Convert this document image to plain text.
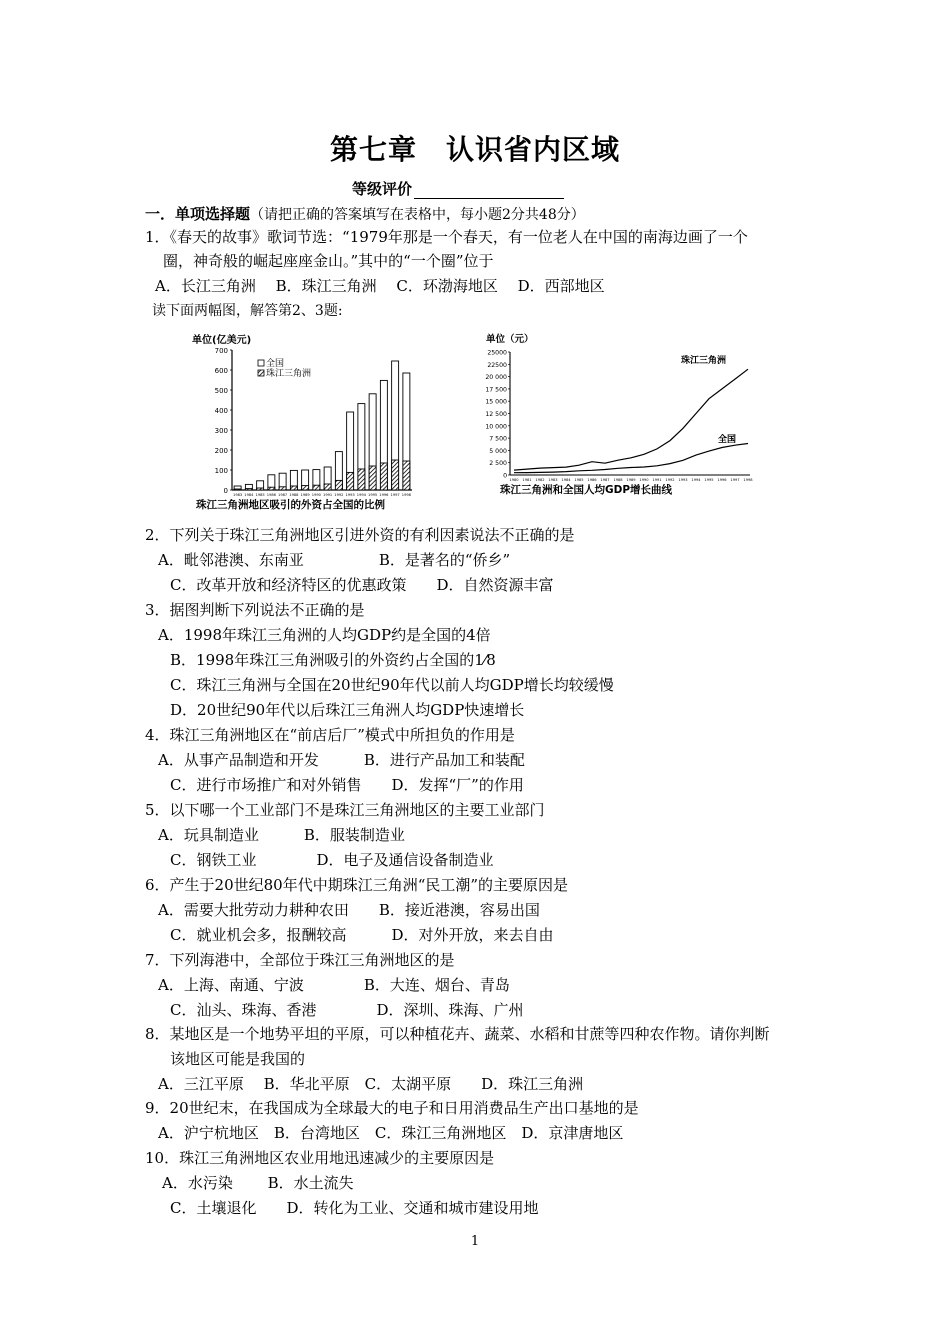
第七章　认识省内区域
等级评价
一．单项选择题（请把正确的答案填写在表格中，每小题2分共48分）
1．《春天的故事》歌词节选：“1979年那是一个春天，有一位老人在中国的南海边画了一个
圈，神奇般的崛起座座金山。”其中的“一个圈”位于
A．长江三角洲　 B．珠江三角洲　 C．环渤海地区　 D．西部地区
读下面两幅图，解答第2、3题:
单位(亿美元)
700
600
500
400
300
200
100
0
全国
珠江三角洲
1983 1984 1985 1986 1987 1988 1989 1990 1991 1992 1993 1994 1995 1996 1997 1998
珠江三角洲地区吸引的外资占全国的比例
单位（元）
25000
22500
20 000
17 500
15 000
12 500
10 000
7 500
5 000
2 500
0
珠江三角洲
全国
1980 1981 1982 1983 1984 1985 1986 1987 1988 1989 1990 1991 1992 1993 1994 1995 1996 1997 1998
珠江三角洲和全国人均GDP增长曲线
2．下列关于珠江三角洲地区引进外资的有利因素说法不正确的是
A．毗邻港澳、东南亚　　　　　B．是著名的“侨乡”
C．改革开放和经济特区的优惠政策　　D．自然资源丰富
3．据图判断下列说法不正确的是
A．1998年珠江三角洲的人均GDP约是全国的4倍
B．1998年珠江三角洲吸引的外资约占全国的1⁄8
C．珠江三角洲与全国在20世纪90年代以前人均GDP增长均较缓慢
D．20世纪90年代以后珠江三角洲人均GDP快速增长
4．珠江三角洲地区在“前店后厂”模式中所担负的作用是
A．从事产品制造和开发　　　B．进行产品加工和装配
C．进行市场推广和对外销售　　D．发挥“厂”的作用
5．以下哪一个工业部门不是珠江三角洲地区的主要工业部门
A．玩具制造业　　　B．服装制造业
C．钢铁工业　　　　D．电子及通信设备制造业
6．产生于20世纪80年代中期珠江三角洲“民工潮”的主要原因是
A．需要大批劳动力耕种农田　　B．接近港澳，容易出国
C．就业机会多，报酬较高　　　D．对外开放，来去自由
7．下列海港中，全部位于珠江三角洲地区的是
A．上海、南通、宁波　　　　B．大连、烟台、青岛
C．汕头、珠海、香港　　　　D．深圳、珠海、广州
8．某地区是一个地势平坦的平原，可以种植花卉、蔬菜、水稻和甘蔗等四种农作物。请你判断
该地区可能是我国的
A．三江平原　 B．华北平原　C．太湖平原　　D．珠江三角洲
9．20世纪末，在我国成为全球最大的电子和日用消费品生产出口基地的是
A．沪宁杭地区　B．台湾地区　C．珠江三角洲地区　D．京津唐地区
10．珠江三角洲地区农业用地迅速减少的主要原因是
A．水污染　　 B．水土流失
C．土壤退化　　D．转化为工业、交通和城市建设用地
1
